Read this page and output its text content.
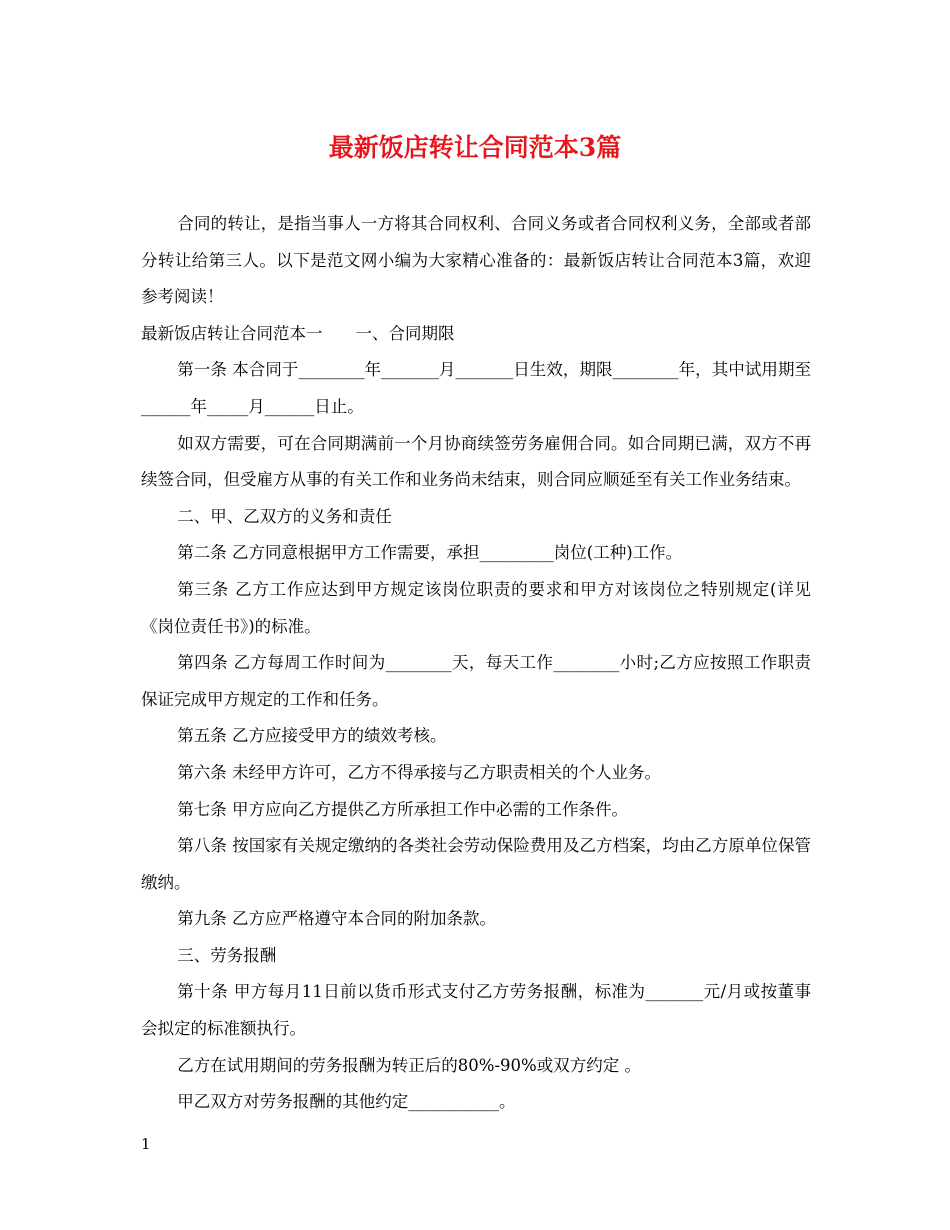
最新饭店转让合同范本3篇

合同的转让，是指当事人一方将其合同权利、合同义务或者合同权利义务，全部或者部分转让给第三人。以下是范文网小编为大家精心准备的：最新饭店转让合同范本3篇，欢迎参考阅读！

最新饭店转让合同范本一 一、合同期限

第一条 本合同于________年_______月_______日生效，期限________年，其中试用期至______年_____月______日止。

如双方需要，可在合同期满前一个月协商续签劳务雇佣合同。如合同期已满，双方不再续签合同，但受雇方从事的有关工作和业务尚未结束，则合同应顺延至有关工作业务结束。

二、甲、乙双方的义务和责任

第二条 乙方同意根据甲方工作需要，承担_________岗位(工种)工作。

第三条 乙方工作应达到甲方规定该岗位职责的要求和甲方对该岗位之特别规定(详见《岗位责任书》)的标准。

第四条 乙方每周工作时间为________天，每天工作________小时;乙方应按照工作职责保证完成甲方规定的工作和任务。

第五条 乙方应接受甲方的绩效考核。

第六条 未经甲方许可，乙方不得承接与乙方职责相关的个人业务。

第七条 甲方应向乙方提供乙方所承担工作中必需的工作条件。

第八条 按国家有关规定缴纳的各类社会劳动保险费用及乙方档案，均由乙方原单位保管缴纳。

第九条 乙方应严格遵守本合同的附加条款。

三、劳务报酬

第十条 甲方每月11日前以货币形式支付乙方劳务报酬，标准为_______元/月或按董事会拟定的标准额执行。

乙方在试用期间的劳务报酬为转正后的80%-90%或双方约定 。

甲乙双方对劳务报酬的其他约定___________。

1
